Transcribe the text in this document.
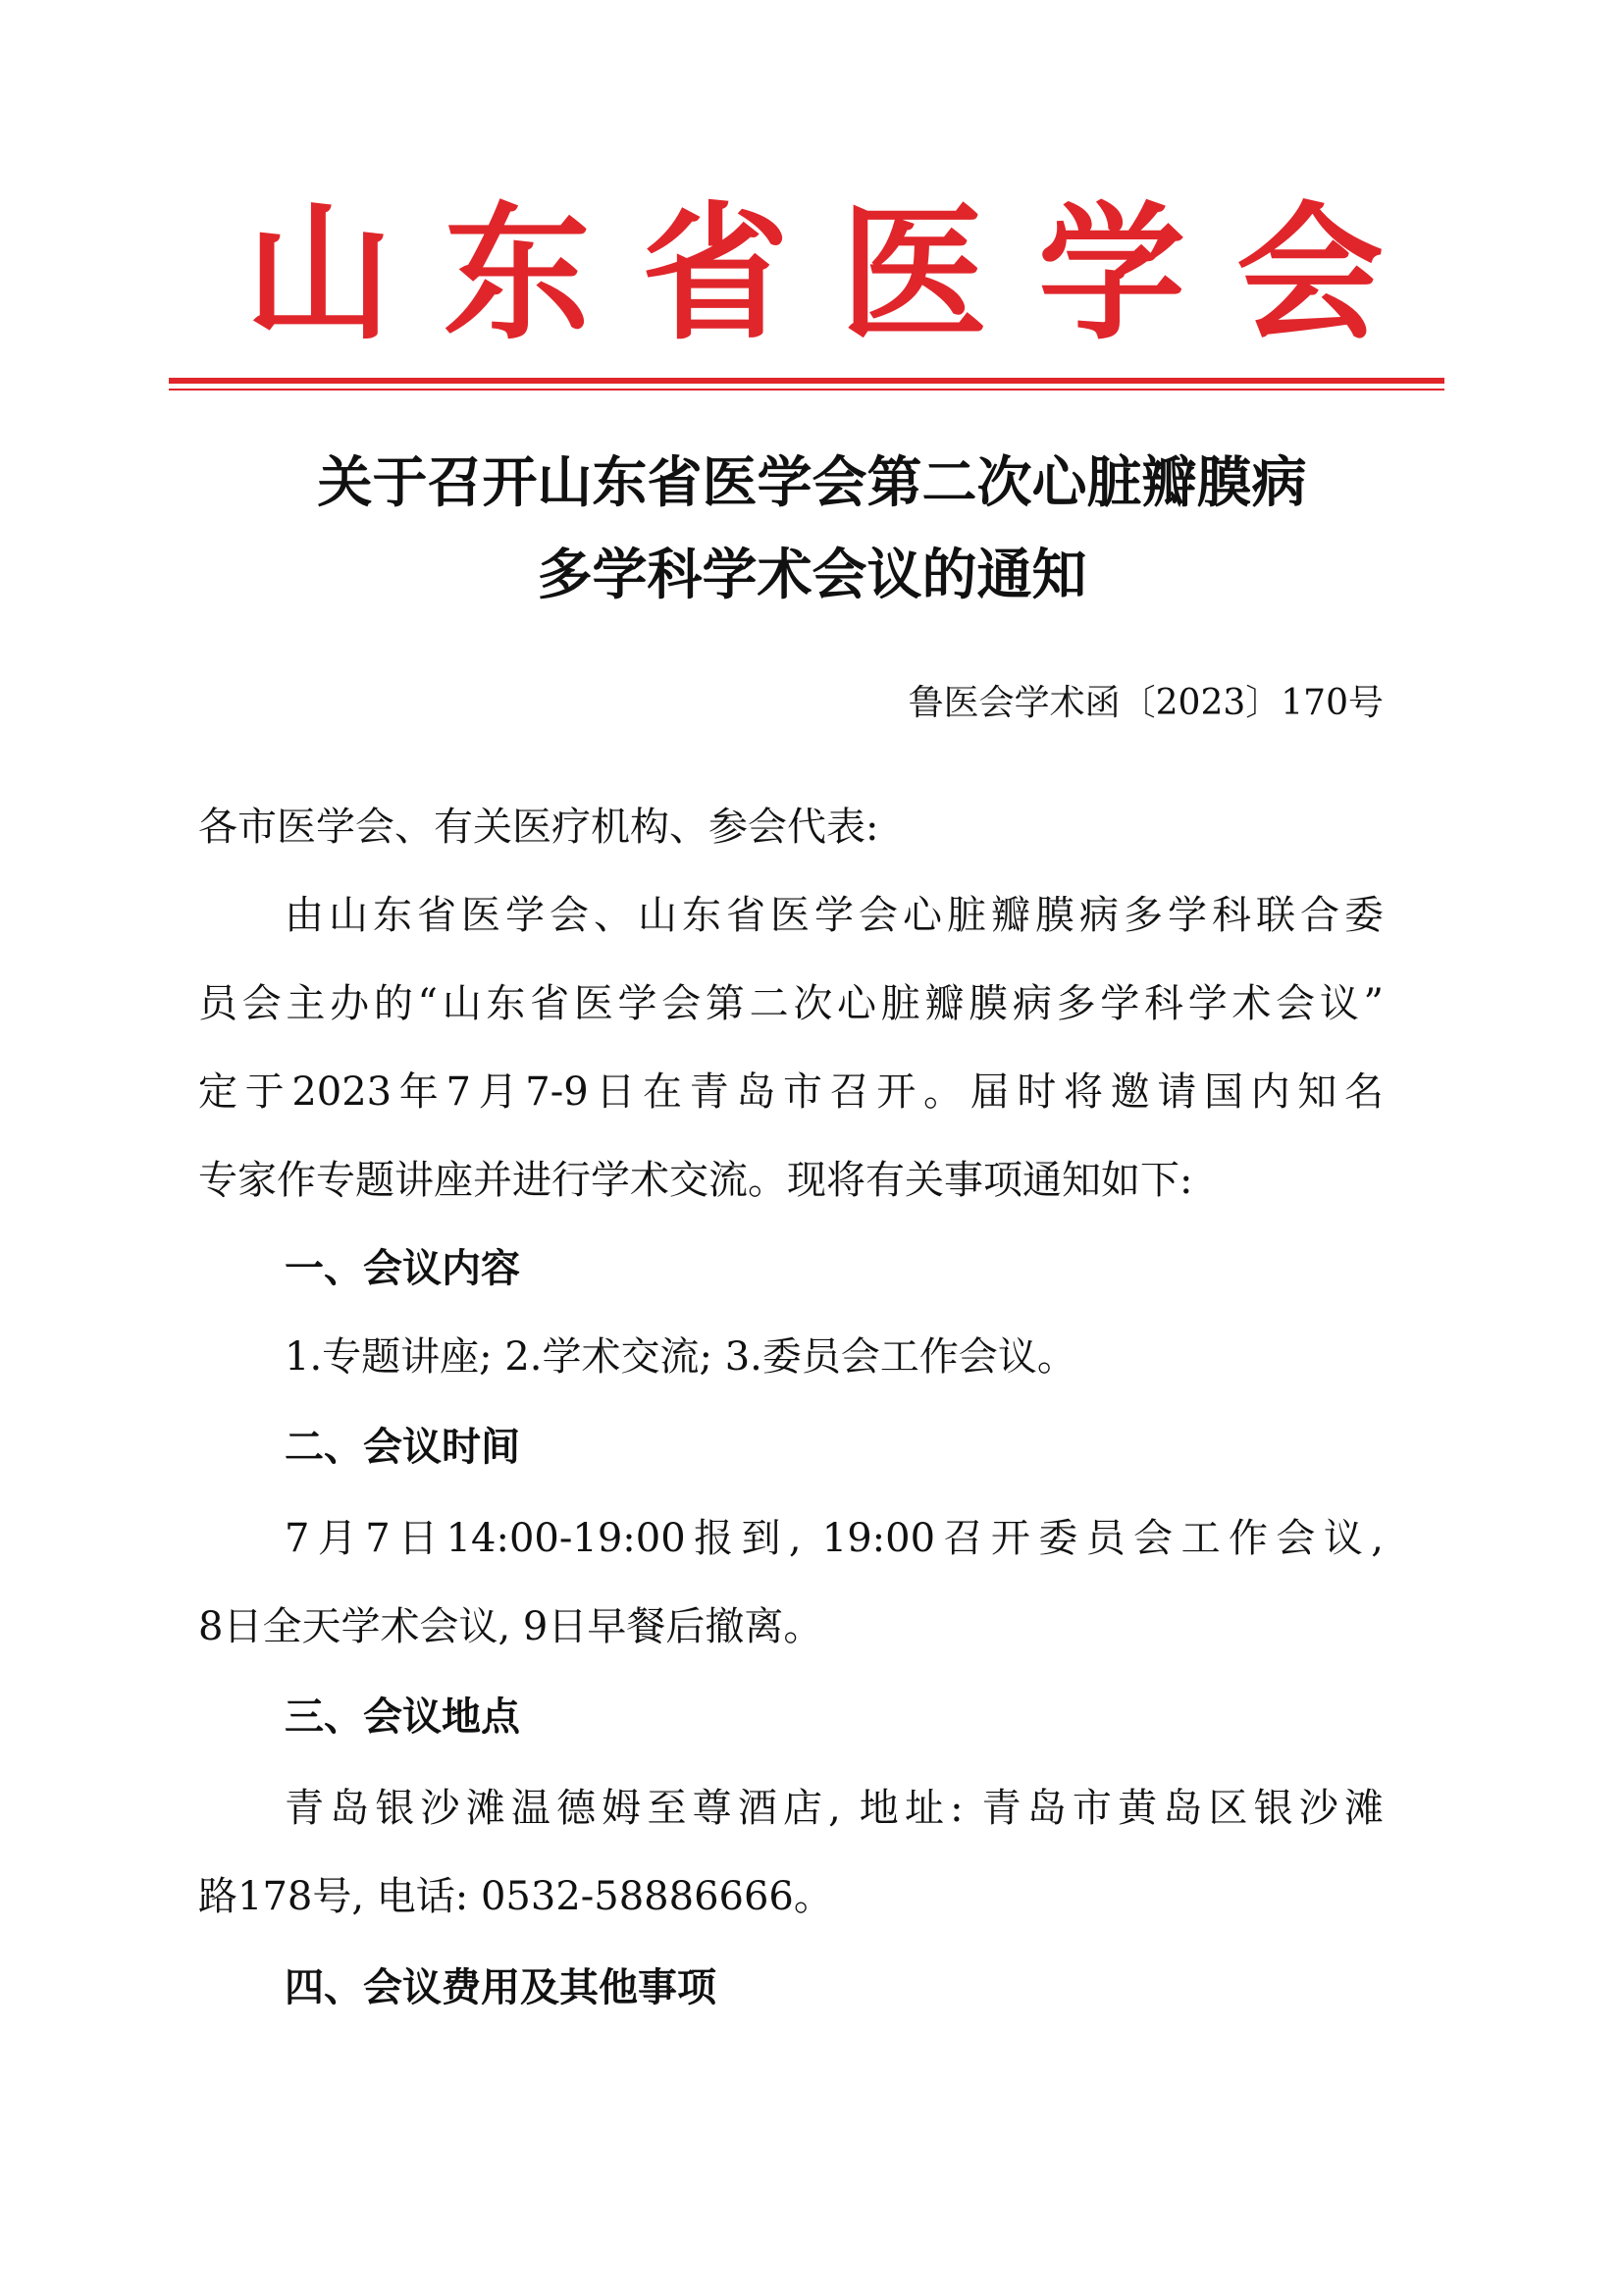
山 东 省 医 学 会
关于召开山东省医学会第二次心脏瓣膜病
多学科学术会议的通知
鲁医会学术函〔2023〕170号
各市医学会、有关医疗机构、参会代表:
由山东省医学会、山东省医学会心脏瓣膜病多学科联合委
员会主办的“山东省医学会第二次心脏瓣膜病多学科学术会议”
定于2023年7月7-9日在青岛市召开。届时将邀请国内知名
专家作专题讲座并进行学术交流。现将有关事项通知如下:
一、会议内容
1.专题讲座; 2.学术交流; 3.委员会工作会议。
二、会议时间
7月7日14:00-19:00报到, 19:00召开委员会工作会议,
8日全天学术会议, 9日早餐后撤离。
三、会议地点
青岛银沙滩温德姆至尊酒店, 地址: 青岛市黄岛区银沙滩
路178号, 电话: 0532-58886666。
四、会议费用及其他事项
